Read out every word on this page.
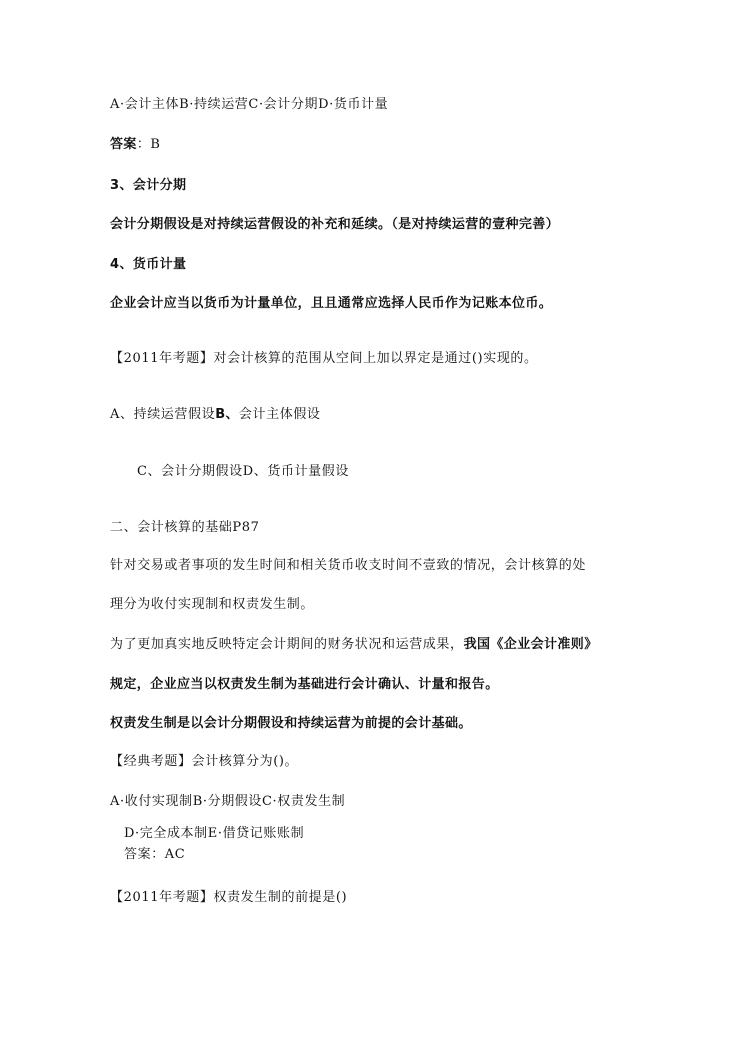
A·会计主体B·持续运营C·会计分期D·货币计量
答案：B
3、会计分期
会计分期假设是对持续运营假设的补充和延续。（是对持续运营的壹种完善）
4、货币计量
企业会计应当以货币为计量单位，且且通常应选择人民币作为记账本位币。
【2011年考题】对会计核算的范围从空间上加以界定是通过()实现的。
A、持续运营假设B、会计主体假设
C、会计分期假设D、货币计量假设
二、会计核算的基础P87
针对交易或者事项的发生时间和相关货币收支时间不壹致的情况，会计核算的处
理分为收付实现制和权责发生制。
为了更加真实地反映特定会计期间的财务状况和运营成果，我国《企业会计准则》
规定，企业应当以权责发生制为基础进行会计确认、计量和报告。
权责发生制是以会计分期假设和持续运营为前提的会计基础。
【经典考题】会计核算分为()。
A·收付实现制B·分期假设C·权责发生制
D·完全成本制E·借贷记账账制
答案：AC
【2011年考题】权责发生制的前提是()
